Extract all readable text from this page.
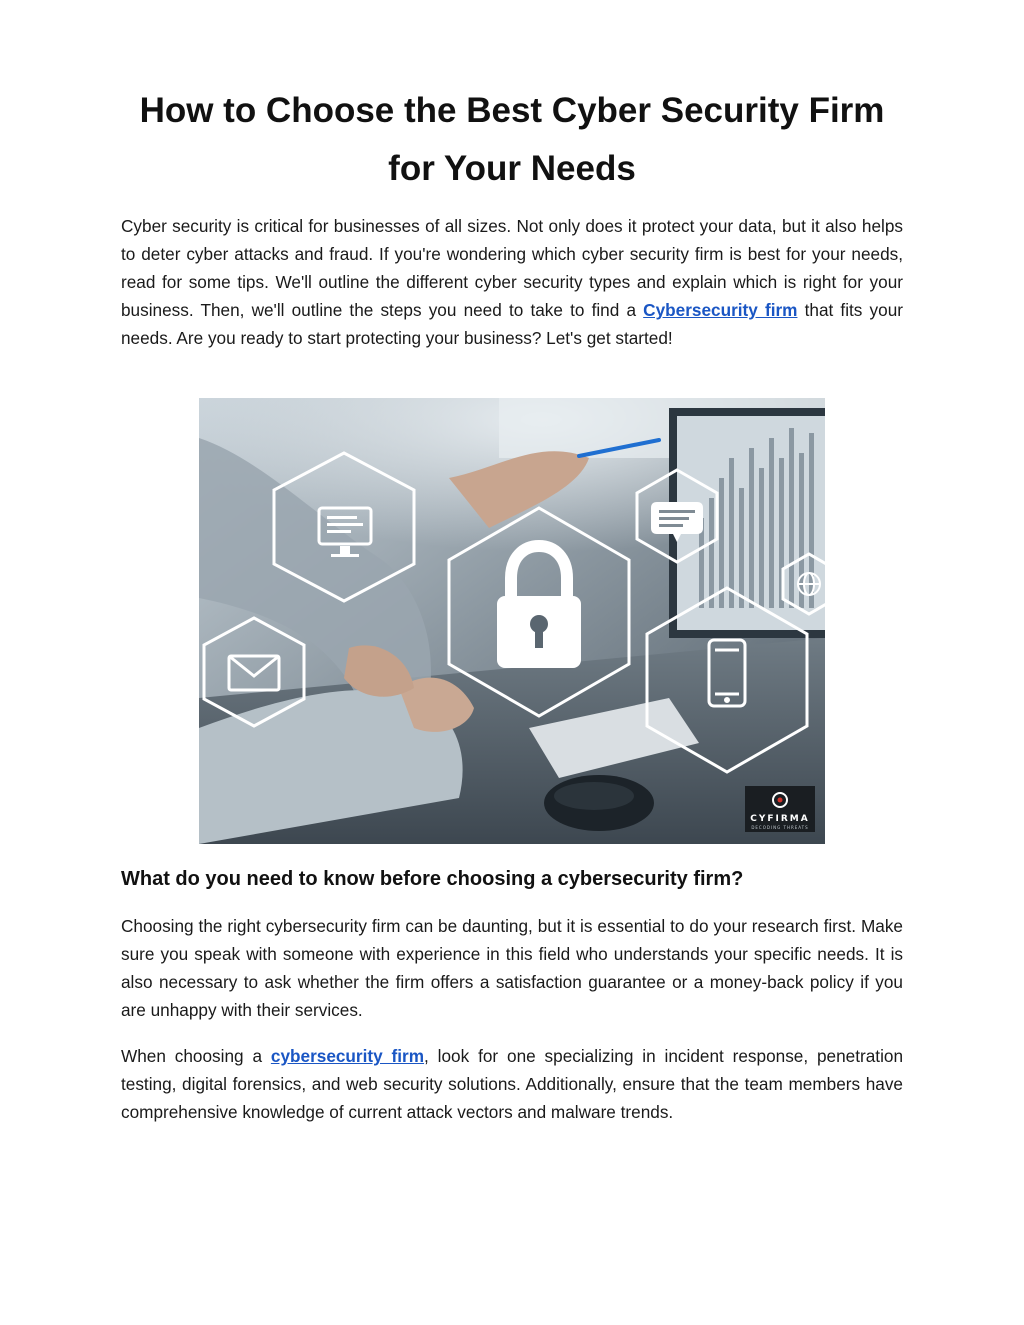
How to Choose the Best Cyber Security Firm
for Your Needs

Cyber security is critical for businesses of all sizes. Not only does it protect your data, but it also helps to deter cyber attacks and fraud. If you're wondering which cyber security firm is best for your needs, read for some tips. We'll outline the different cyber security types and explain which is right for your business. Then, we'll outline the steps you need to take to find a Cybersecurity firm that fits your needs. Are you ready to start protecting your business? Let's get started!

CYFIRMA
DECODING THREATS
What do you need to know before choosing a cybersecurity firm?

Choosing the right cybersecurity firm can be daunting, but it is essential to do your research first. Make sure you speak with someone with experience in this field who understands your specific needs. It is also necessary to ask whether the firm offers a satisfaction guarantee or a money-back policy if you are unhappy with their services.

When choosing a cybersecurity firm, look for one specializing in incident response, penetration testing, digital forensics, and web security solutions. Additionally, ensure that the team members have comprehensive knowledge of current attack vectors and malware trends.
